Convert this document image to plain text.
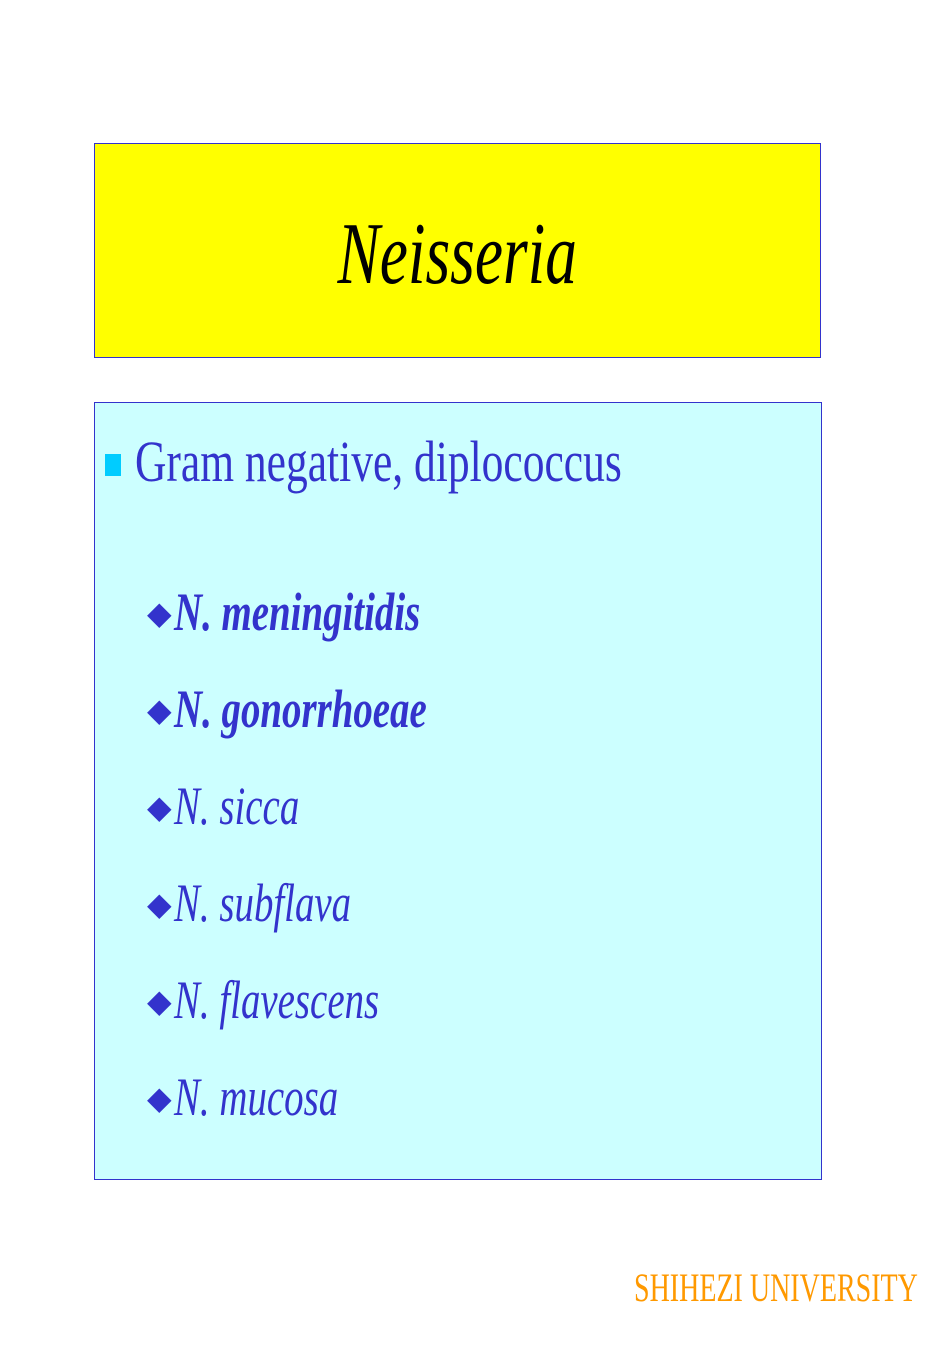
Neisseria
Gram negative, diplococcus
◆ N. meningitidis
◆ N. gonorrhoeae
◆ N. sicca
◆ N. subflava
◆ N. flavescens
◆ N. mucosa
SHIHEZI UNIVERSITY
